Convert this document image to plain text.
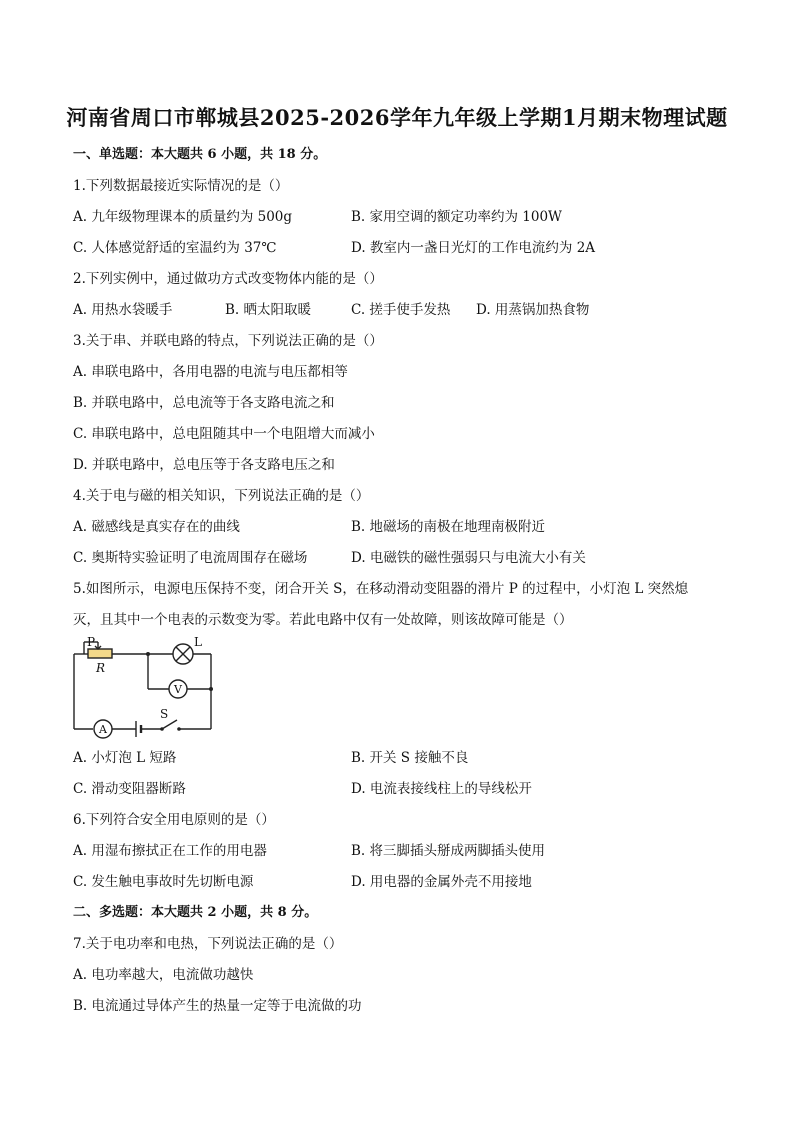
河南省周口市郸城县2025-2026学年九年级上学期1月期末物理试题
一、单选题：本大题共 6 小题，共 18 分。
1.下列数据最接近实际情况的是（）
A. 九年级物理课本的质量约为 500g	B. 家用空调的额定功率约为 100W
C. 人体感觉舒适的室温约为 37℃	D. 教室内一盏日光灯的工作电流约为 2A
2.下列实例中，通过做功方式改变物体内能的是（）
A. 用热水袋暖手	B. 晒太阳取暖	C. 搓手使手发热 D. 用蒸锅加热食物
3.关于串、并联电路的特点，下列说法正确的是（）
A. 串联电路中，各用电器的电流与电压都相等
B. 并联电路中，总电流等于各支路电流之和
C. 串联电路中，总电阻随其中一个电阻增大而减小
D. 并联电路中，总电压等于各支路电压之和
4.关于电与磁的相关知识，下列说法正确的是（）
A. 磁感线是真实存在的曲线	B. 地磁场的南极在地理南极附近
C. 奥斯特实验证明了电流周围存在磁场	D. 电磁铁的磁性强弱只与电流大小有关
5.如图所示，电源电压保持不变，闭合开关 S，在移动滑动变阻器的滑片 P 的过程中，小灯泡 L 突然熄
灭，且其中一个电表的示数变为零。若此电路中仅有一处故障，则该故障可能是（）
P
R
L
V
A
S
A. 小灯泡 L 短路	B. 开关 S 接触不良
C. 滑动变阻器断路	D. 电流表接线柱上的导线松开
6.下列符合安全用电原则的是（）
A. 用湿布擦拭正在工作的用电器	B. 将三脚插头掰成两脚插头使用
C. 发生触电事故时先切断电源	D. 用电器的金属外壳不用接地
二、多选题：本大题共 2 小题，共 8 分。
7.关于电功率和电热，下列说法正确的是（）
A. 电功率越大，电流做功越快
B. 电流通过导体产生的热量一定等于电流做的功
